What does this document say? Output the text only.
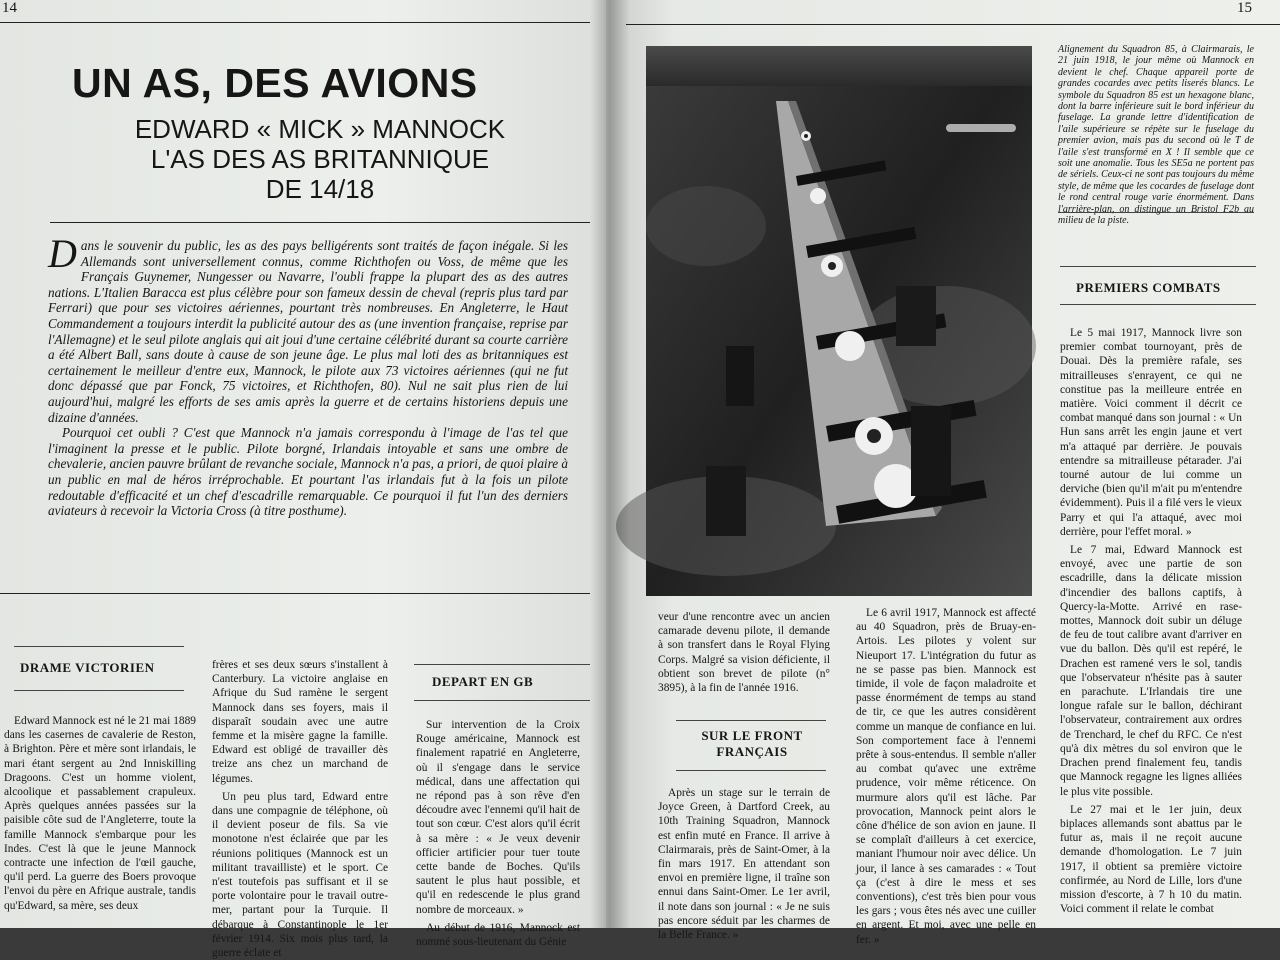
14
UN AS, DES AVIONS
EDWARD « MICK » MANNOCK
L'AS DES AS BRITANNIQUE
DE 14/18

Dans le souvenir du public, les as des pays belligérents sont traités de façon inégale. Si les Allemands sont universellement connus, comme Richthofen ou Voss, de même que les Français Guynemer, Nungesser ou Navarre, l'oubli frappe la plupart des as des autres nations. L'Italien Baracca est plus célèbre pour son fameux dessin de cheval (repris plus tard par Ferrari) que pour ses victoires aériennes, pourtant très nombreuses. En Angleterre, le Haut Commandement a toujours interdit la publicité autour des as (une invention française, reprise par l'Allemagne) et le seul pilote anglais qui ait joui d'une certaine célébrité durant sa courte carrière a été Albert Ball, sans doute à cause de son jeune âge. Le plus mal loti des as britanniques est certainement le meilleur d'entre eux, Mannock, le pilote aux 73 victoires aériennes (qui ne fut donc dépassé que par Fonck, 75 victoires, et Richthofen, 80). Nul ne sait plus rien de lui aujourd'hui, malgré les efforts de ses amis après la guerre et de certains historiens depuis une dizaine d'années.

Pourquoi cet oubli ? C'est que Mannock n'a jamais correspondu à l'image de l'as tel que l'imaginent la presse et le public. Pilote borgné, Irlandais intoyable et sans une ombre de chevalerie, ancien pauvre brûlant de revanche sociale, Mannock n'a pas, a priori, de quoi plaire à un public en mal de héros irréprochable. Et pourtant l'as irlandais fut à la fois un pilote redoutable d'efficacité et un chef d'escadrille remarquable. Ce pourquoi il fut l'un des derniers aviateurs à recevoir la Victoria Cross (à titre posthume).

DRAME VICTORIEN

Edward Mannock est né le 21 mai 1889 dans les casernes de cavalerie de Reston, à Brighton. Père et mère sont irlandais, le mari étant sergent au 2nd Inniskilling Dragoons. C'est un homme violent, alcoolique et passablement crapuleux. Après quelques années passées sur la paisible côte sud de l'Angleterre, toute la famille Mannock s'embarque pour les Indes. C'est là que le jeune Mannock contracte une infection de l'œil gauche, qu'il perd. La guerre des Boers provoque l'envoi du père en Afrique australe, tandis qu'Edward, sa mère, ses deux

frères et ses deux sœurs s'installent à Canterbury. La victoire anglaise en Afrique du Sud ramène le sergent Mannock dans ses foyers, mais il disparaît soudain avec une autre femme et la misère gagne la famille. Edward est obligé de travailler dès treize ans chez un marchand de légumes.

Un peu plus tard, Edward entre dans une compagnie de téléphone, où il devient poseur de fils. Sa vie monotone n'est éclairée que par les réunions politiques (Mannock est un militant travailliste) et le sport. Ce n'est toutefois pas suffisant et il se porte volontaire pour le travail outre-mer, partant pour la Turquie. Il débarque à Constantinople le 1er février 1914. Six mois plus tard, la guerre éclate et

DEPART EN GB

Sur intervention de la Croix Rouge américaine, Mannock est finalement rapatrié en Angleterre, où il s'engage dans le service médical, dans une affectation qui ne répond pas à son rêve d'en découdre avec l'ennemi qu'il hait de tout son cœur. C'est alors qu'il écrit à sa mère : « Je veux devenir officier artificier pour tuer toute cette bande de Boches. Qu'ils sautent le plus haut possible, et qu'il en redescende le plus grand nombre de morceaux. »

Au début de 1916, Mannock est nommé sous-lieutenant du Génie

15
Alignement du Squadron 85, à Clairmarais, le 21 juin 1918, le jour même où Mannock en devient le chef. Chaque appareil porte de grandes cocardes avec petits liserés blancs. Le symbole du Squadron 85 est un hexagone blanc, dont la barre inférieure suit le bord inférieur du fuselage. La grande lettre d'identification de l'aile supérieure se répète sur le fuselage du premier avion, mais pas du second où le T de l'aile s'est transformé en X ! Il semble que ce soit une anomalie. Tous les SE5a ne portent pas de sériels. Ceux-ci ne sont pas toujours du même style, de même que les cocardes de fuselage dont le rond central rouge varie énormément. Dans l'arrière-plan, on distingue un Bristol F2b au milieu de la piste.

veur d'une rencontre avec un ancien camarade devenu pilote, il demande à son transfert dans le Royal Flying Corps. Malgré sa vision déficiente, il obtient son brevet de pilote (n° 3895), à la fin de l'année 1916.

SUR LE FRONT
FRANÇAIS

Après un stage sur le terrain de Joyce Green, à Dartford Creek, au 10th Training Squadron, Mannock est enfin muté en France. Il arrive à Clairmarais, près de Saint-Omer, à la fin mars 1917. En attendant son envoi en première ligne, il traîne son ennui dans Saint-Omer. Le 1er avril, il note dans son journal : « Je ne suis pas encore séduit par les charmes de la Belle France. »

Le 6 avril 1917, Mannock est affecté au 40 Squadron, près de Bruay-en-Artois. Les pilotes y volent sur Nieuport 17. L'intégration du futur as ne se passe pas bien. Mannock est timide, il vole de façon maladroite et passe énormément de temps au stand de tir, ce que les autres considèrent comme un manque de confiance en lui. Son comportement face à l'ennemi prête à sous-entendus. Il semble n'aller au combat qu'avec une extrême prudence, voir même réticence. On murmure alors qu'il est lâche. Par provocation, Mannock peint alors le cône d'hélice de son avion en jaune. Il se complaît d'ailleurs à cet exercice, maniant l'humour noir avec délice. Un jour, il lance à ses camarades : « Tout ça (c'est à dire le mess et ses conventions), c'est très bien pour vous les gars ; vous êtes nés avec une cuiller en argent. Et moi, avec une pelle en fer. »

PREMIERS COMBATS

Le 5 mai 1917, Mannock livre son premier combat tournoyant, près de Douai. Dès la première rafale, ses mitrailleuses s'enrayent, ce qui ne constitue pas la meilleure entrée en matière. Voici comment il décrit ce combat manqué dans son journal : « Un Hun sans arrêt les engin jaune et vert m'a attaqué par derrière. Je pouvais entendre sa mitrailleuse pétarader. J'ai tourné autour de lui comme un derviche (bien qu'il m'ait pu m'entendre évidemment). Puis il a filé vers le vieux Parry et qui l'a attaqué, avec moi derrière, pour l'effet moral. »

Le 7 mai, Edward Mannock est envoyé, avec une partie de son escadrille, dans la délicate mission d'incendier des ballons captifs, à Quercy-la-Motte. Arrivé en rase-mottes, Mannock doit subir un déluge de feu de tout calibre avant d'arriver en vue du ballon. Dès qu'il est repéré, le Drachen est ramené vers le sol, tandis que l'observateur n'hésite pas à sauter en parachute. L'Irlandais tire une longue rafale sur le ballon, déchirant l'observateur, contrairement aux ordres de Trenchard, le chef du RFC. Ce n'est qu'à dix mètres du sol environ que le Drachen prend finalement feu, tandis que Mannock regagne les lignes alliées le plus vite possible.

Le 27 mai et le 1er juin, deux biplaces allemands sont abattus par le futur as, mais il ne reçoit aucune demande d'homologation. Le 7 juin 1917, il obtient sa première victoire confirmée, au Nord de Lille, lors d'une mission d'escorte, à 7 h 10 du matin. Voici comment il relate le combat
